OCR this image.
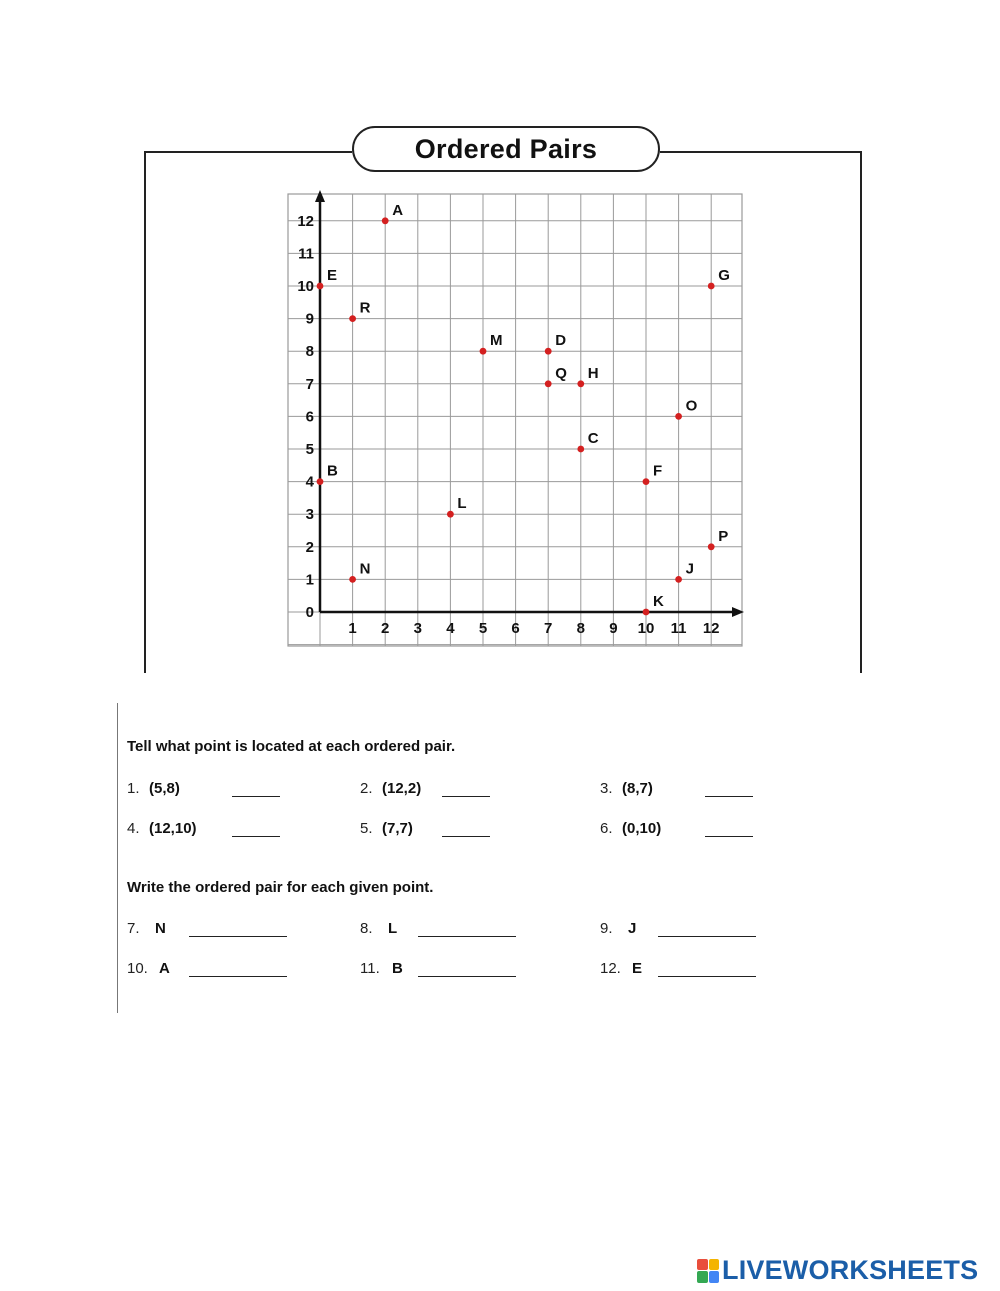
Ordered Pairs
1 2 3 4 5 6 7 8 9 10 11 12
0
1
2
3
4
5
6
7
8
9
10
11
12
A
B
C
D
E
F
G
H
J
K
L
M
N
O
P
Q
R
Tell what point is located at each ordered pair.
1. (5,8)	2. (12,2)	3. (8,7)
4. (12,10)	5. (7,7)	6. (0,10)
Write the ordered pair for each given point.
7. N	8. L	9. J
10. A	11. B	12. E
LIVEWORKSHEETS
